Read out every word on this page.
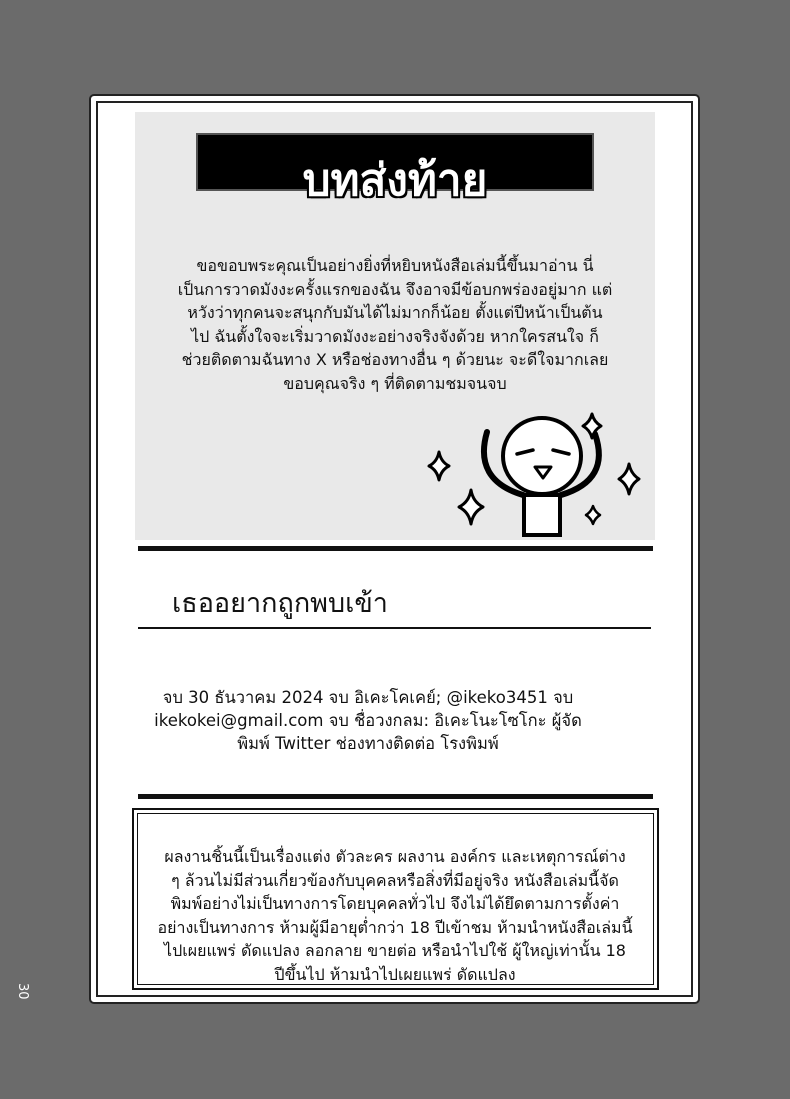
บทส่งท้าย
ขอขอบพระคุณเป็นอย่างยิ่งที่หยิบหนังสือเล่มนี้ขึ้นมาอ่าน นี่
เป็นการวาดมังงะครั้งแรกของฉัน จึงอาจมีข้อบกพร่องอยู่มาก แต่
หวังว่าทุกคนจะสนุกกับมันได้ไม่มากก็น้อย ตั้งแต่ปีหน้าเป็นต้น
ไป ฉันตั้งใจจะเริ่มวาดมังงะอย่างจริงจังด้วย หากใครสนใจ ก็
ช่วยติดตามฉันทาง X หรือช่องทางอื่น ๆ ด้วยนะ จะดีใจมากเลย
ขอบคุณจริง ๆ ที่ติดตามชมจนจบ
เธออยากถูกพบเข้า
จบ 30 ธันวาคม 2024 จบ อิเคะโคเคย์; @ikeko3451 จบ
ikekokei@gmail.com จบ ชื่อวงกลม: อิเคะโนะโซโกะ ผู้จัด
พิมพ์ Twitter ช่องทางติดต่อ โรงพิมพ์
ผลงานชิ้นนี้เป็นเรื่องแต่ง ตัวละคร ผลงาน องค์กร และเหตุการณ์ต่าง
ๆ ล้วนไม่มีส่วนเกี่ยวข้องกับบุคคลหรือสิ่งที่มีอยู่จริง หนังสือเล่มนี้จัด
พิมพ์อย่างไม่เป็นทางการโดยบุคคลทั่วไป จึงไม่ได้ยึดตามการตั้งค่า
อย่างเป็นทางการ ห้ามผู้มีอายุต่ำกว่า 18 ปีเข้าชม ห้ามนำหนังสือเล่มนี้
ไปเผยแพร่ ดัดแปลง ลอกลาย ขายต่อ หรือนำไปใช้ ผู้ใหญ่เท่านั้น 18
ปีขึ้นไป ห้ามนำไปเผยแพร่ ดัดแปลง
30
